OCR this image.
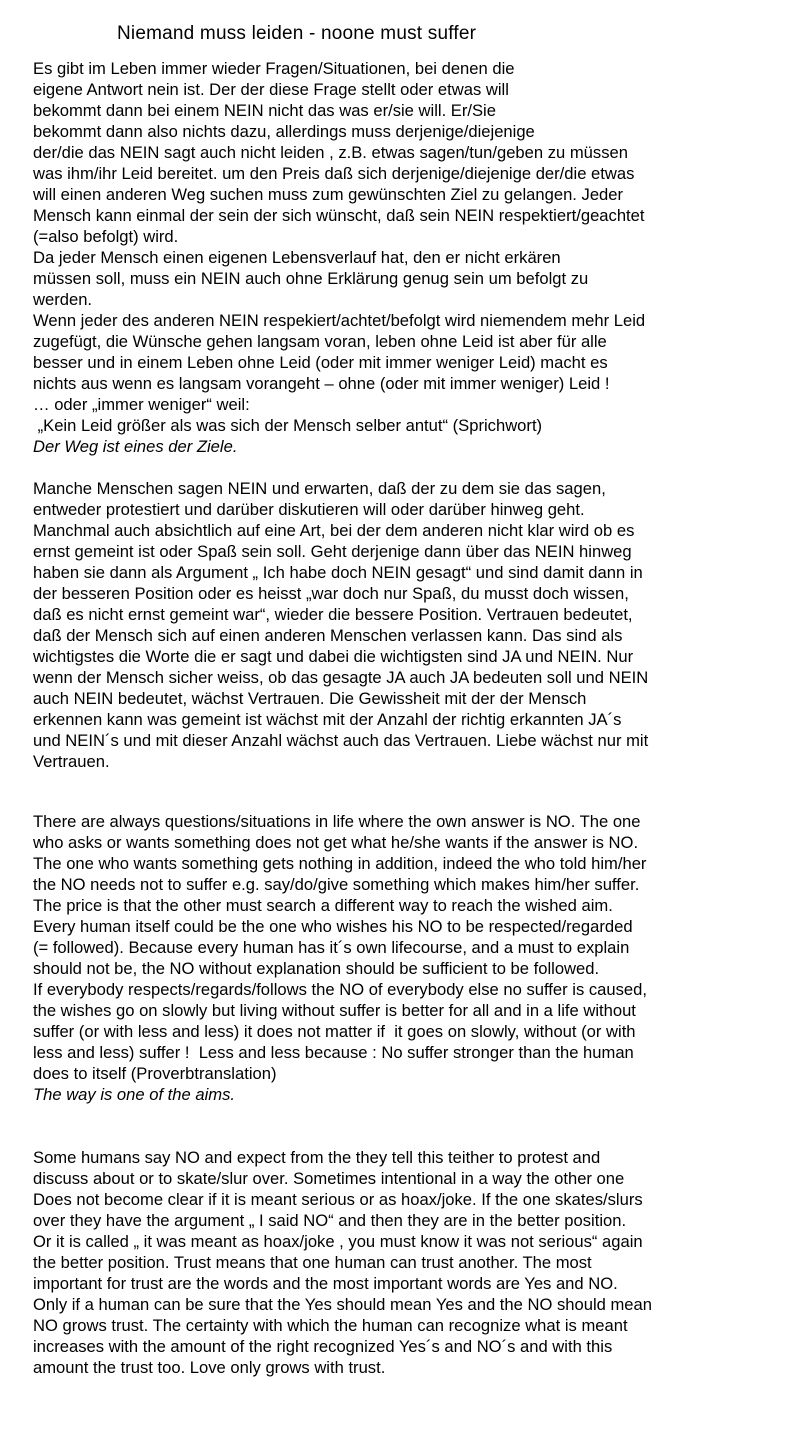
Niemand muss leiden - noone must suffer
Es gibt im Leben immer wieder Fragen/Situationen, bei denen die
eigene Antwort nein ist. Der der diese Frage stellt oder etwas will
bekommt dann bei einem NEIN nicht das was er/sie will. Er/Sie
bekommt dann also nichts dazu, allerdings muss derjenige/diejenige
der/die das NEIN sagt auch nicht leiden , z.B. etwas sagen/tun/geben zu müssen
was ihm/ihr Leid bereitet. um den Preis daß sich derjenige/diejenige der/die etwas
will einen anderen Weg suchen muss zum gewünschten Ziel zu gelangen. Jeder
Mensch kann einmal der sein der sich wünscht, daß sein NEIN respektiert/geachtet
(=also befolgt) wird.
Da jeder Mensch einen eigenen Lebensverlauf hat, den er nicht erkären
müssen soll, muss ein NEIN auch ohne Erklärung genug sein um befolgt zu
werden.
Wenn jeder des anderen NEIN respekiert/achtet/befolgt wird niemendem mehr Leid
zugefügt, die Wünsche gehen langsam voran, leben ohne Leid ist aber für alle
besser und in einem Leben ohne Leid (oder mit immer weniger Leid) macht es
nichts aus wenn es langsam vorangeht – ohne (oder mit immer weniger) Leid !
… oder „immer weniger“ weil:
„Kein Leid größer als was sich der Mensch selber antut“ (Sprichwort)
Der Weg ist eines der Ziele.
Manche Menschen sagen NEIN und erwarten, daß der zu dem sie das sagen,
entweder protestiert und darüber diskutieren will oder darüber hinweg geht.
Manchmal auch absichtlich auf eine Art, bei der dem anderen nicht klar wird ob es
ernst gemeint ist oder Spaß sein soll. Geht derjenige dann über das NEIN hinweg
haben sie dann als Argument „ Ich habe doch NEIN gesagt“ und sind damit dann in
der besseren Position oder es heisst „war doch nur Spaß, du musst doch wissen,
daß es nicht ernst gemeint war“, wieder die bessere Position. Vertrauen bedeutet,
daß der Mensch sich auf einen anderen Menschen verlassen kann. Das sind als
wichtigstes die Worte die er sagt und dabei die wichtigsten sind JA und NEIN. Nur
wenn der Mensch sicher weiss, ob das gesagte JA auch JA bedeuten soll und NEIN
auch NEIN bedeutet, wächst Vertrauen. Die Gewissheit mit der der Mensch
erkennen kann was gemeint ist wächst mit der Anzahl der richtig erkannten JA´s
und NEIN´s und mit dieser Anzahl wächst auch das Vertrauen. Liebe wächst nur mit
Vertrauen.
There are always questions/situations in life where the own answer is NO. The one
who asks or wants something does not get what he/she wants if the answer is NO.
The one who wants something gets nothing in addition, indeed the who told him/her
the NO needs not to suffer e.g. say/do/give something which makes him/her suffer.
The price is that the other must search a different way to reach the wished aim.
Every human itself could be the one who wishes his NO to be respected/regarded
(= followed). Because every human has it´s own lifecourse, and a must to explain
should not be, the NO without explanation should be sufficient to be followed.
If everybody respects/regards/follows the NO of everybody else no suffer is caused,
the wishes go on slowly but living without suffer is better for all and in a life without
suffer (or with less and less) it does not matter if  it goes on slowly, without (or with
less and less) suffer !  Less and less because : No suffer stronger than the human
does to itself (Proverbtranslation)
The way is one of the aims.
Some humans say NO and expect from the they tell this teither to protest and
discuss about or to skate/slur over. Sometimes intentional in a way the other one
Does not become clear if it is meant serious or as hoax/joke. If the one skates/slurs
over they have the argument „ I said NO“ and then they are in the better position.
Or it is called „ it was meant as hoax/joke , you must know it was not serious“ again
the better position. Trust means that one human can trust another. The most
important for trust are the words and the most important words are Yes and NO.
Only if a human can be sure that the Yes should mean Yes and the NO should mean
NO grows trust. The certainty with which the human can recognize what is meant
increases with the amount of the right recognized Yes´s and NO´s and with this
amount the trust too. Love only grows with trust.
